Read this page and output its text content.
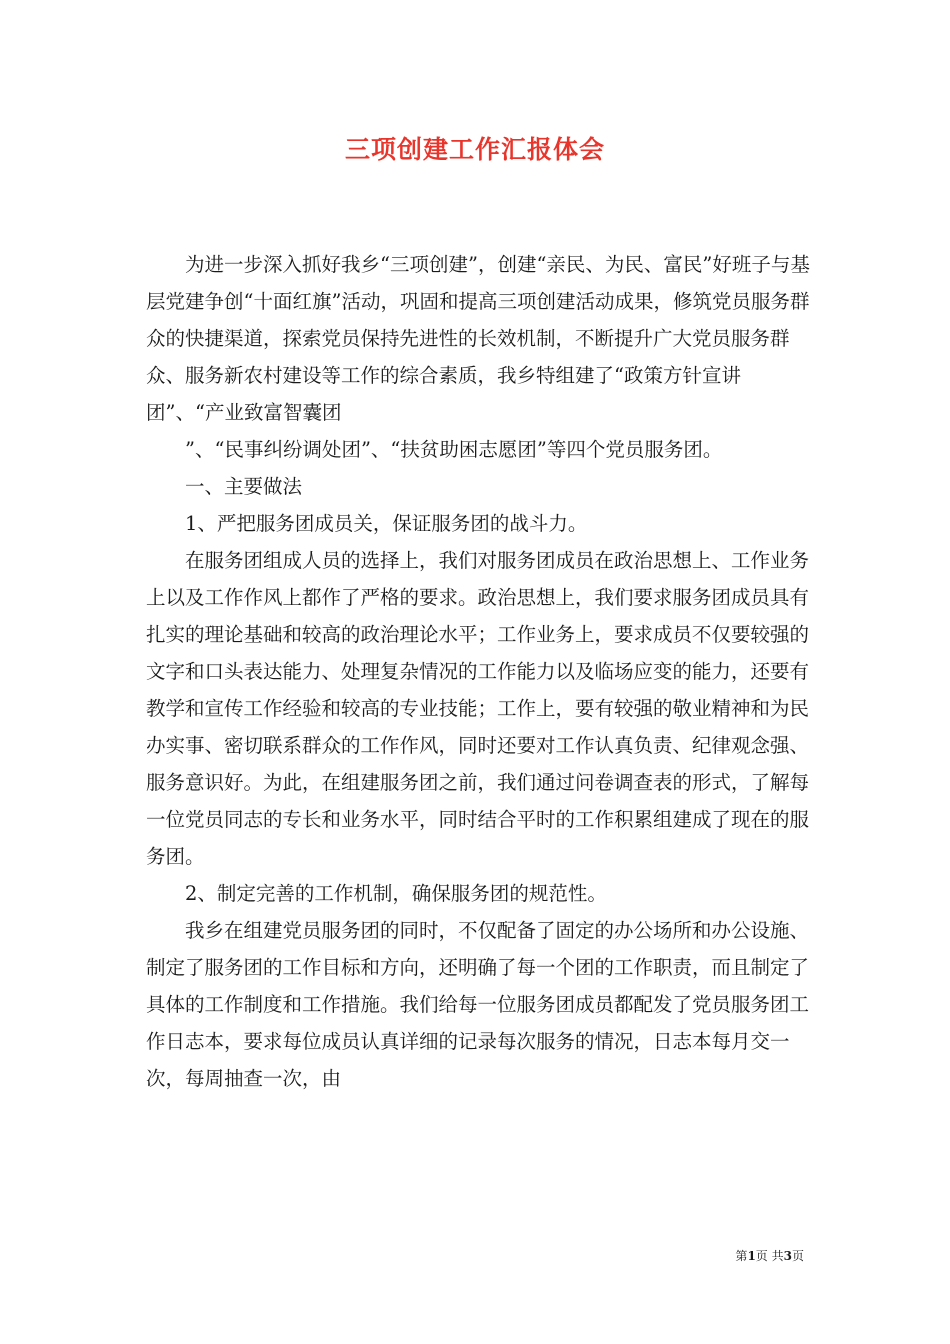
三项创建工作汇报体会

为进一步深入抓好我乡“三项创建”，创建“亲民、为民、富民”好班子与基层党建争创“十面红旗”活动，巩固和提高三项创建活动成果，修筑党员服务群众的快捷渠道，探索党员保持先进性的长效机制，不断提升广大党员服务群众、服务新农村建设等工作的综合素质，我乡特组建了“政策方针宣讲团”、“产业致富智囊团

”、“民事纠纷调处团”、“扶贫助困志愿团”等四个党员服务团。

一、主要做法

1、严把服务团成员关，保证服务团的战斗力。

在服务团组成人员的选择上，我们对服务团成员在政治思想上、工作业务上以及工作作风上都作了严格的要求。政治思想上，我们要求服务团成员具有扎实的理论基础和较高的政治理论水平；工作业务上，要求成员不仅要较强的文字和口头表达能力、处理复杂情况的工作能力以及临场应变的能力，还要有教学和宣传工作经验和较高的专业技能；工作上，要有较强的敬业精神和为民办实事、密切联系群众的工作作风，同时还要对工作认真负责、纪律观念强、服务意识好。为此，在组建服务团之前，我们通过问卷调查表的形式，了解每一位党员同志的专长和业务水平，同时结合平时的工作积累组建成了现在的服务团。

2、制定完善的工作机制，确保服务团的规范性。

我乡在组建党员服务团的同时，不仅配备了固定的办公场所和办公设施、制定了服务团的工作目标和方向，还明确了每一个团的工作职责，而且制定了具体的工作制度和工作措施。我们给每一位服务团成员都配发了党员服务团工作日志本，要求每位成员认真详细的记录每次服务的情况，日志本每月交一次，每周抽查一次，由

第1页 共3页
